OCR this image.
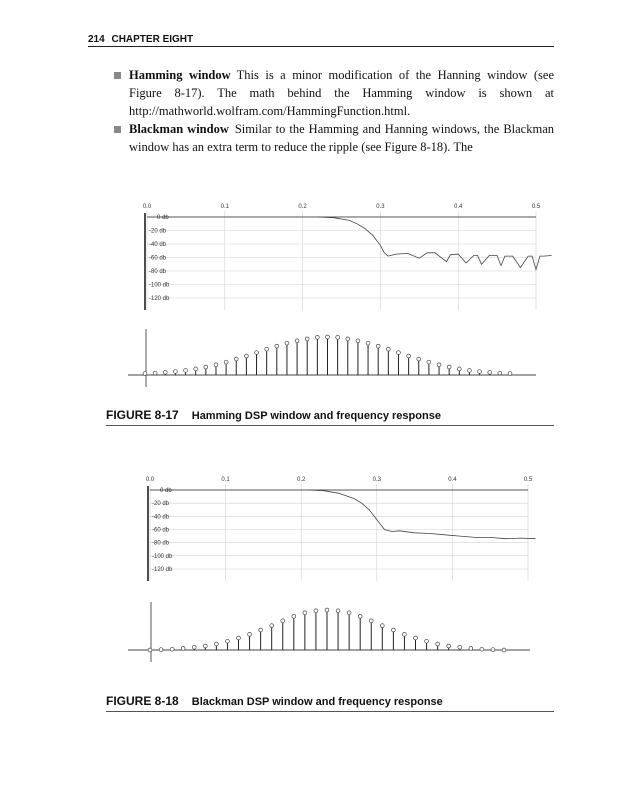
214 CHAPTER EIGHT
Hamming window This is a minor modification of the Hanning window (see Figure 8-17). The math behind the Hamming window is shown at http://mathworld.wolfram.com/HammingFunction.html.
Blackman window Similar to the Hamming and Hanning windows, the Blackman window has an extra term to reduce the ripple (see Figure 8-18). The
0.0	0.1	0.2	0.3	0.4	0.5
0 db
-20 db
-40 db
-60 db
-80 db
-100 db
-120 db
0.0	0.1	0.2	0.3	0.4	0.5
0 db
-20 db
-40 db
-60 db
-80 db
-100 db
-120 db
FIGURE 8-17 Hamming DSP window and frequency response
FIGURE 8-18 Blackman DSP window and frequency response
